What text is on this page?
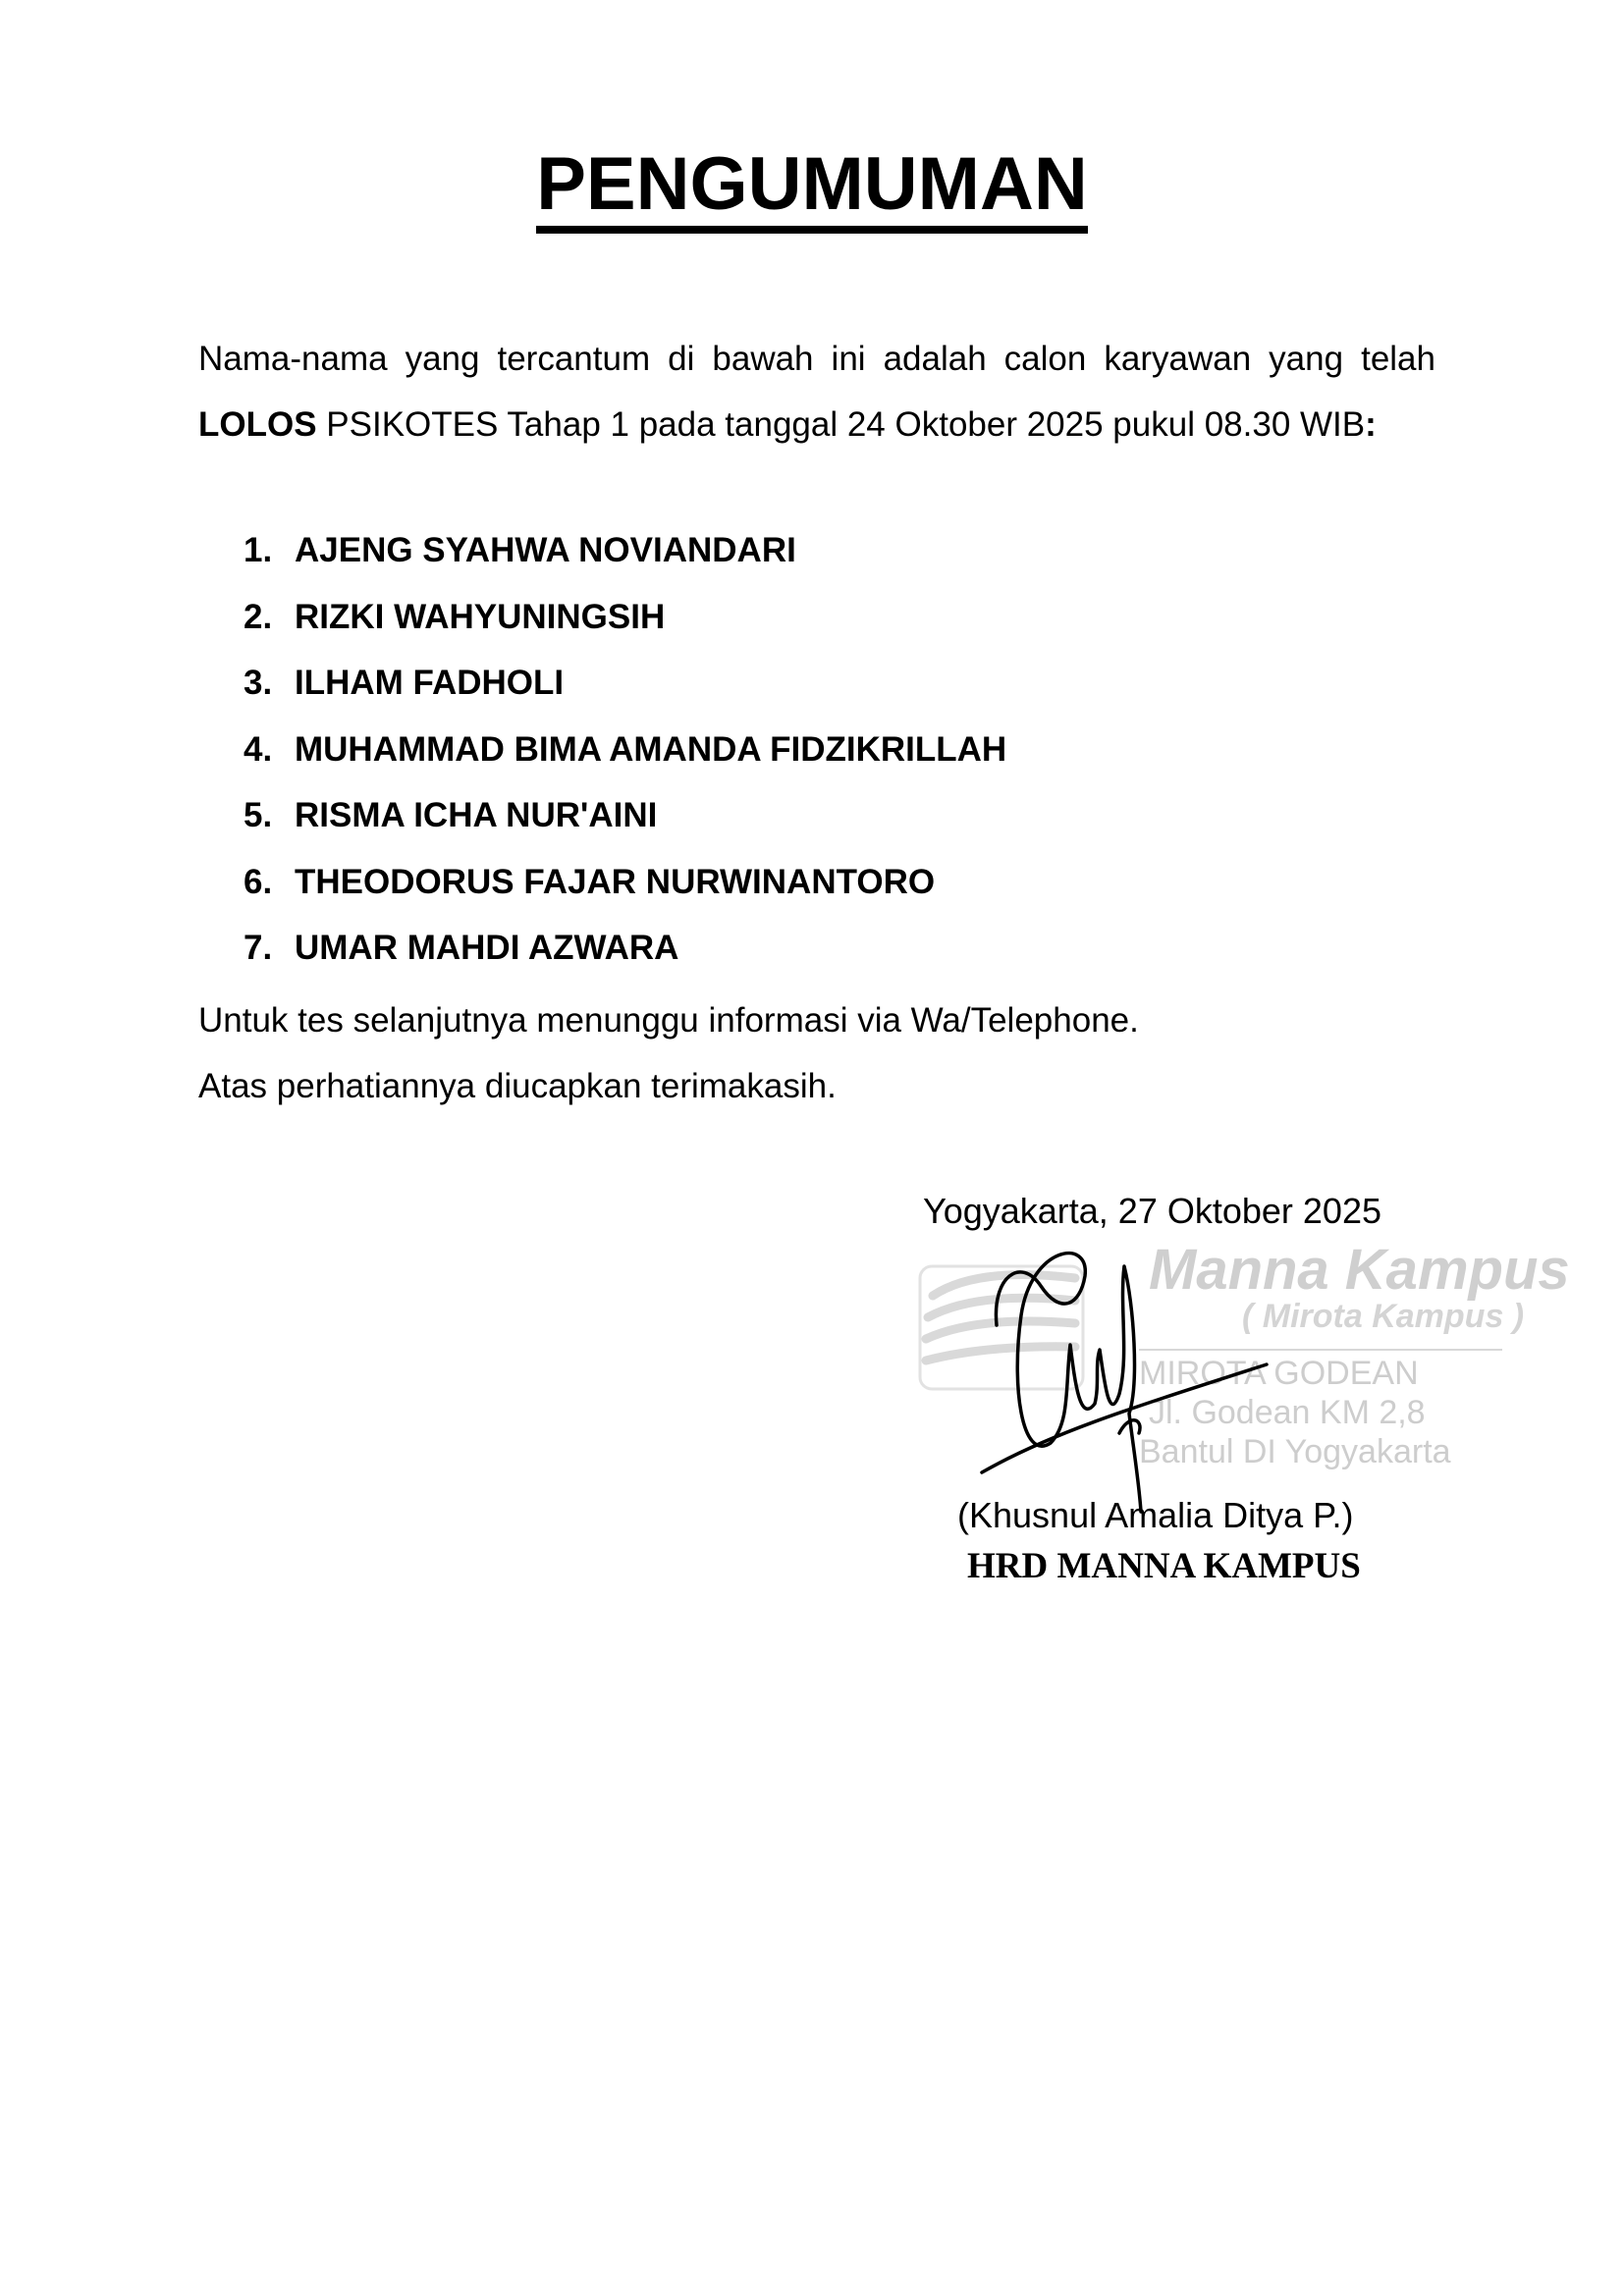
PENGUMUMAN
Nama-nama yang tercantum di bawah ini adalah calon karyawan yang telah LOLOS PSIKOTES Tahap 1 pada tanggal 24 Oktober 2025 pukul 08.30 WIB:
1. AJENG SYAHWA NOVIANDARI
2. RIZKI WAHYUNINGSIH
3. ILHAM FADHOLI
4. MUHAMMAD BIMA AMANDA FIDZIKRILLAH
5. RISMA ICHA NUR'AINI
6. THEODORUS FAJAR NURWINANTORO
7. UMAR MAHDI AZWARA
Untuk tes selanjutnya menunggu informasi via Wa/Telephone.
Atas perhatiannya diucapkan terimakasih.
Yogyakarta, 27 Oktober 2025
Manna Kampus
( Mirota Kampus )
MIROTA GODEAN
Jl. Godean KM 2,8
Bantul DI Yogyakarta
(Khusnul Amalia Ditya P.)
HRD MANNA KAMPUS
